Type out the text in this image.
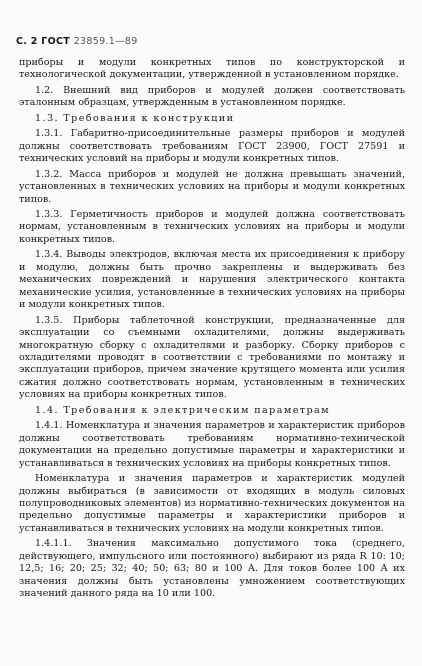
С. 2 ГОСТ 23859.1—89

приборы и модули конкретных типов по конструкторской и технологической документации, утвержденной в установленном порядке.

1.2. Внешний вид приборов и модулей должен соответствовать эталонным образцам, утвержденным в установленном порядке.

1.3. Требования к конструкции

1.3.1. Габаритно-присоединительные размеры приборов и модулей должны соответствовать требованиям ГОСТ 23900, ГОСТ 27591 и технических условий на приборы и модули конкретных типов.

1.3.2. Масса приборов и модулей не должна превышать значений, установленных в технических условиях на приборы и модули конкретных типов.

1.3.3. Герметичность приборов и модулей должна соответствовать нормам, установленным в технических условиях на приборы и модули конкретных типов.

1.3.4. Выводы электродов, включая места их присоединения к прибору и модулю, должны быть прочно закреплены и выдерживать без механических повреждений и нарушения электрического контакта механические усилия, установленные в технических условиях на приборы и модули конкретных типов.

1.3.5. Приборы таблеточной конструкции, предназначенные для эксплуатации со съемными охладителями, должны выдерживать многократную сборку с охладителями и разборку. Сборку приборов с охладителями проводят в соответствии с требованиями по монтажу и эксплуатации приборов, причем значение крутящего момента или усилия сжатия должно соответствовать нормам, установленным в технических условиях на приборы конкретных типов.

1.4. Требования к электрическим параметрам

1.4.1. Номенклатура и значения параметров и характеристик приборов должны соответствовать требованиям нормативно-технической документации на предельно допустимые параметры и характеристики и устанавливаться в технических условиях на приборы конкретных типов.

Номенклатура и значения параметров и характеристик модулей должны выбираться (в зависимости от входящих в модуль силовых полупроводниковых элементов) из нормативно-технических документов на предельно допустимые параметры и характеристики приборов и устанавливаться в технических условиях на модули конкретных типов.

1.4.1.1. Значения максимально допустимого тока (среднего, действующего, импульсного или постоянного) выбирают из ряда R 10: 10; 12,5; 16; 20; 25; 32; 40; 50; 63; 80 и 100 А. Для токов более 100 А их значения должны быть установлены умножением соответствующих значений данного ряда на 10 или 100.
